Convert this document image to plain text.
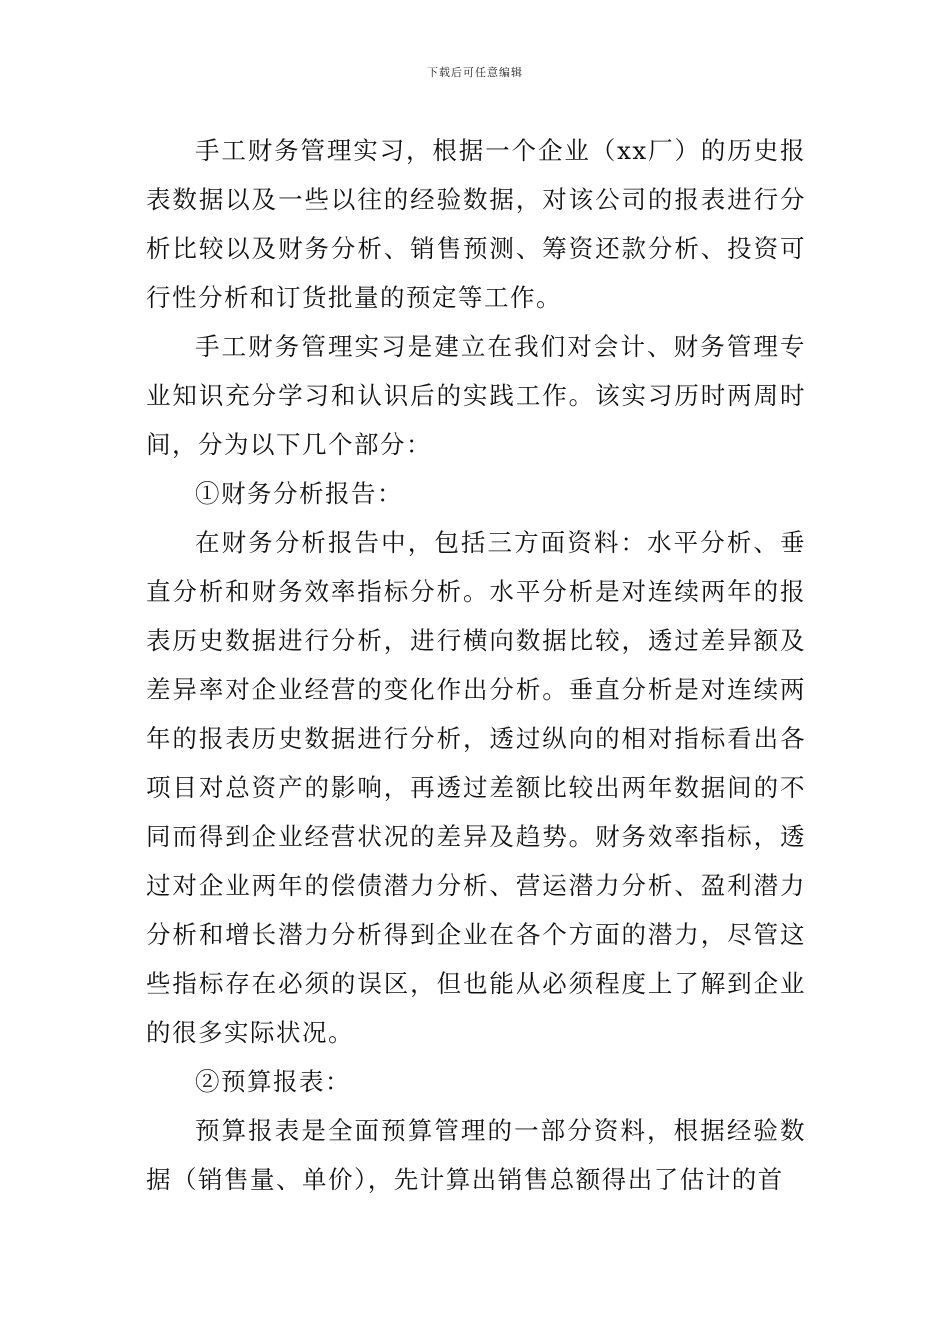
下载后可任意编辑

手工财务管理实习，根据一个企业（xx厂）的历史报表数据以及一些以往的经验数据，对该公司的报表进行分析比较以及财务分析、销售预测、筹资还款分析、投资可行性分析和订货批量的预定等工作。

手工财务管理实习是建立在我们对会计、财务管理专业知识充分学习和认识后的实践工作。该实习历时两周时间，分为以下几个部分：

①财务分析报告：

在财务分析报告中，包括三方面资料：水平分析、垂直分析和财务效率指标分析。水平分析是对连续两年的报表历史数据进行分析，进行横向数据比较，透过差异额及差异率对企业经营的变化作出分析。垂直分析是对连续两年的报表历史数据进行分析，透过纵向的相对指标看出各项目对总资产的影响，再透过差额比较出两年数据间的不同而得到企业经营状况的差异及趋势。财务效率指标，透过对企业两年的偿债潜力分析、营运潜力分析、盈利潜力分析和增长潜力分析得到企业在各个方面的潜力，尽管这些指标存在必须的误区，但也能从必须程度上了解到企业的很多实际状况。

②预算报表：

预算报表是全面预算管理的一部分资料，根据经验数据（销售量、单价），先计算出销售总额得出了估计的首
